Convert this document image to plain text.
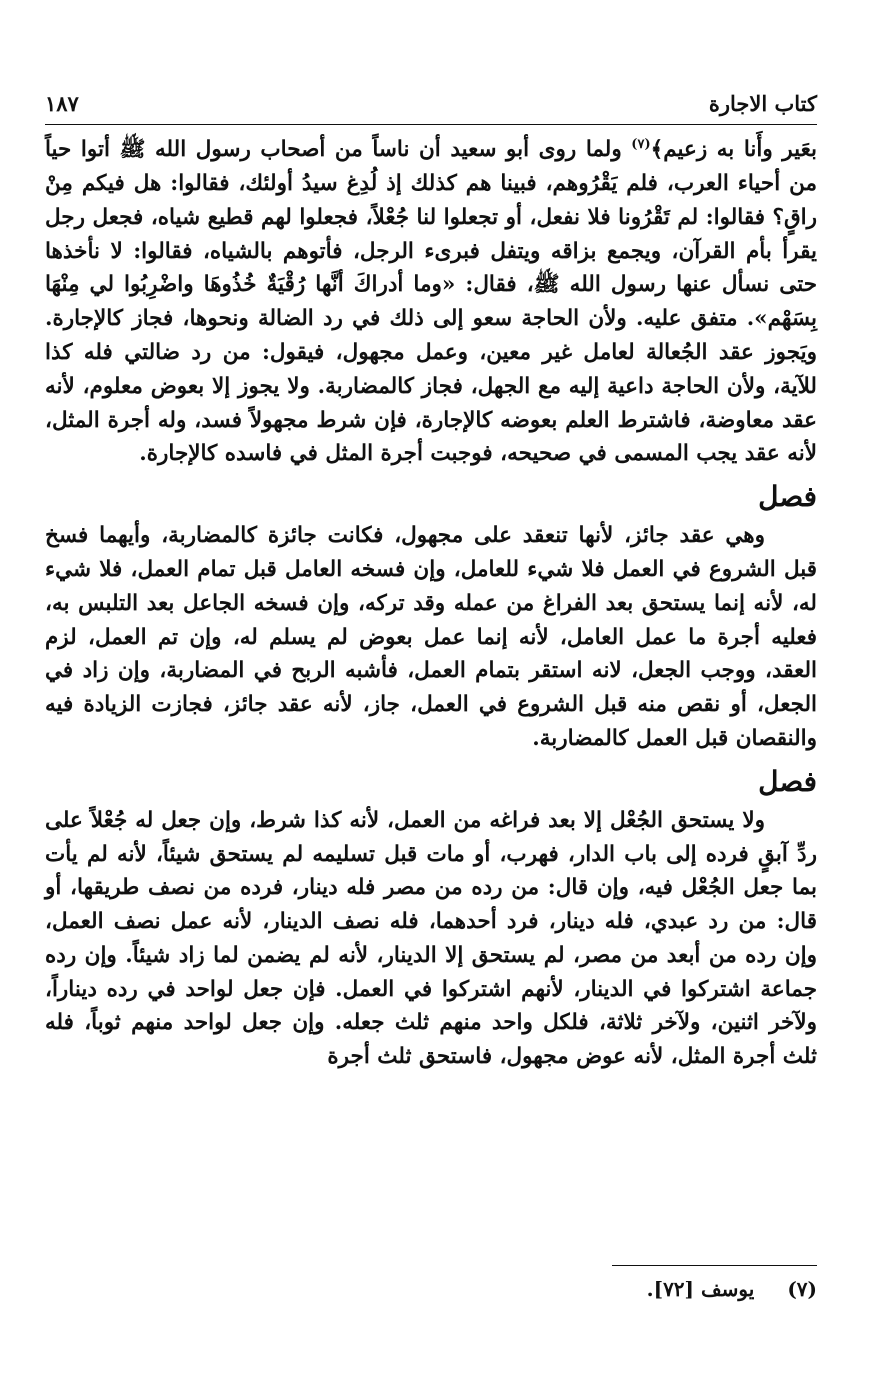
كتاب الاجارة
١٨٧

بعَير وأَنا به زعيم﴾$^{(٧)}$ ولما روى أبو سعيد أن ناساً من أصحاب رسول الله ﷺ أتوا حياً من أحياء العرب، فلم يَقْرُوهم، فبينا هم كذلك إذ لُدِغ سيدُ أولئك، فقالوا: هل فيكم مِنْ راقٍ؟ فقالوا: لم تَقْرُونا فلا نفعل، أو تجعلوا لنا جُعْلاً، فجعلوا لهم قطيع شياه، فجعل رجل يقرأ بأم القرآن، ويجمع بزاقه ويتفل فبرىء الرجل، فأتوهم بالشياه، فقالوا: لا نأخذها حتى نسأل عنها رسول الله ﷺ، فقال: «وما أدراكَ أنَّها رُقْيَةٌ خُذُوهَا واضْرِبُوا لي مِنْهَا بِسَهْم». متفق عليه. ولأن الحاجة سعو إلى ذلك في رد الضالة ونحوها، فجاز كالإجارة. ويَجوز عقد الجُعالة لعامل غير معين، وعمل مجهول، فيقول: من رد ضالتي فله كذا للآية، ولأن الحاجة داعية إليه مع الجهل، فجاز كالمضاربة. ولا يجوز إلا بعوض معلوم، لأنه عقد معاوضة، فاشترط العلم بعوضه كالإجارة، فإن شرط مجهولاً فسد، وله أجرة المثل، لأنه عقد يجب المسمى في صحيحه، فوجبت أجرة المثل في فاسده كالإجارة.

فصل

وهي عقد جائز، لأنها تنعقد على مجهول، فكانت جائزة كالمضاربة، وأيهما فسخ قبل الشروع في العمل فلا شيء للعامل، وإن فسخه العامل قبل تمام العمل، فلا شيء له، لأنه إنما يستحق بعد الفراغ من عمله وقد تركه، وإن فسخه الجاعل بعد التلبس به، فعليه أجرة ما عمل العامل، لأنه إنما عمل بعوض لم يسلم له، وإن تم العمل، لزم العقد، ووجب الجعل، لانه استقر بتمام العمل، فأشبه الربح في المضاربة، وإن زاد في الجعل، أو نقص منه قبل الشروع في العمل، جاز، لأنه عقد جائز، فجازت الزيادة فيه والنقصان قبل العمل كالمضاربة.

فصل

ولا يستحق الجُعْل إلا بعد فراغه من العمل، لأنه كذا شرط، وإن جعل له جُعْلاً على ردِّ آبقٍ فرده إلى باب الدار، فهرب، أو مات قبل تسليمه لم يستحق شيئاً، لأنه لم يأت بما جعل الجُعْل فيه، وإن قال: من رده من مصر فله دينار، فرده من نصف طريقها، أو قال: من رد عبدي، فله دينار، فرد أحدهما، فله نصف الدينار، لأنه عمل نصف العمل، وإن رده من أبعد من مصر، لم يستحق إلا الدينار، لأنه لم يضمن لما زاد شيئاً. وإن رده جماعة اشتركوا في الدينار، لأنهم اشتركوا في العمل. فإن جعل لواحد في رده ديناراً، ولآخر اثنين، ولآخر ثلاثة، فلكل واحد منهم ثلث جعله. وإن جعل لواحد منهم ثوباً، فله ثلث أجرة المثل، لأنه عوض مجهول، فاستحق ثلث أجرة

(٧) يوسف [٧٢].
